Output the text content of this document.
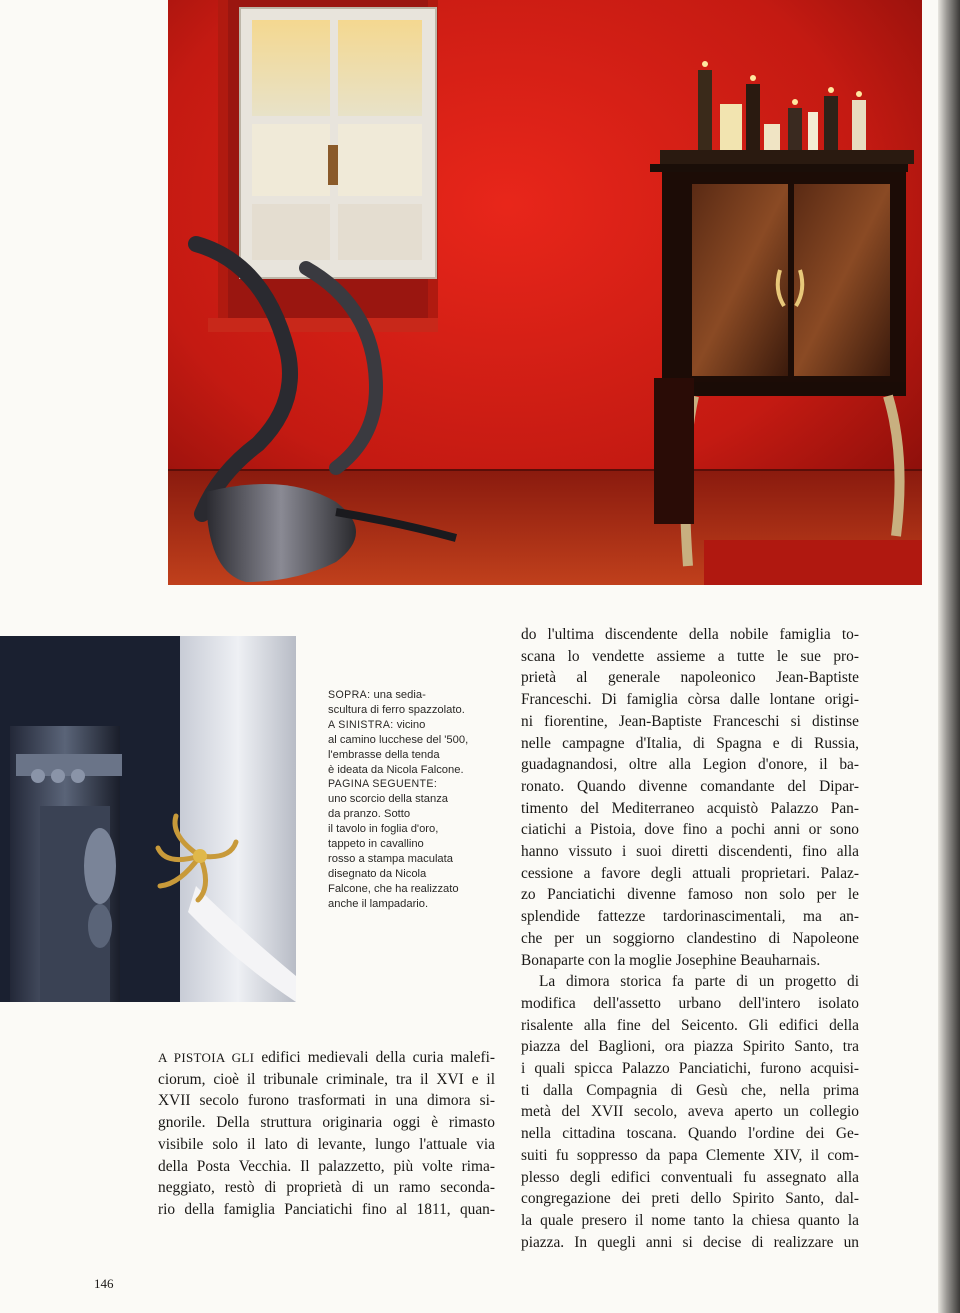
SOPRA: una sedia-
scultura di ferro spazzolato.
A SINISTRA: vicino
al camino lucchese del '500,
l'embrasse della tenda
è ideata da Nicola Falcone.
PAGINA SEGUENTE:
uno scorcio della stanza
da pranzo. Sotto
il tavolo in foglia d'oro,
tappeto in cavallino
rosso a stampa maculata
disegnato da Nicola
Falcone, che ha realizzato
anche il lampadario.
do l'ultima discendente della nobile famiglia to-
scana lo vendette assieme a tutte le sue pro-
prietà al generale napoleonico Jean-Baptiste
Franceschi. Di famiglia còrsa dalle lontane origi-
ni fiorentine, Jean-Baptiste Franceschi si distinse
nelle campagne d'Italia, di Spagna e di Russia,
guadagnandosi, oltre alla Legion d'onore, il ba-
ronato. Quando divenne comandante del Dipar-
timento del Mediterraneo acquistò Palazzo Pan-
ciatichi a Pistoia, dove fino a pochi anni or sono
hanno vissuto i suoi diretti discendenti, fino alla
cessione a favore degli attuali proprietari. Palaz-
zo Panciatichi divenne famoso non solo per le
splendide fattezze tardorinascimentali, ma an-
che per un soggiorno clandestino di Napoleone
Bonaparte con la moglie Josephine Beauharnais.
La dimora storica fa parte di un progetto di
modifica dell'assetto urbano dell'intero isolato
risalente alla fine del Seicento. Gli edifici della
piazza del Baglioni, ora piazza Spirito Santo, tra
i quali spicca Palazzo Panciatichi, furono acquisi-
ti dalla Compagnia di Gesù che, nella prima
metà del XVII secolo, aveva aperto un collegio
nella cittadina toscana. Quando l'ordine dei Ge-
suiti fu soppresso da papa Clemente XIV, il com-
plesso degli edifici conventuali fu assegnato alla
congregazione dei preti dello Spirito Santo, dal-
la quale presero il nome tanto la chiesa quanto la
piazza. In quegli anni si decise di realizzare un
A PISTOIA GLI edifici medievali della curia malefi-
ciorum, cioè il tribunale criminale, tra il XVI e il
XVII secolo furono trasformati in una dimora si-
gnorile. Della struttura originaria oggi è rimasto
visibile solo il lato di levante, lungo l'attuale via
della Posta Vecchia. Il palazzetto, più volte rima-
neggiato, restò di proprietà di un ramo seconda-
rio della famiglia Panciatichi fino al 1811, quan-
146
